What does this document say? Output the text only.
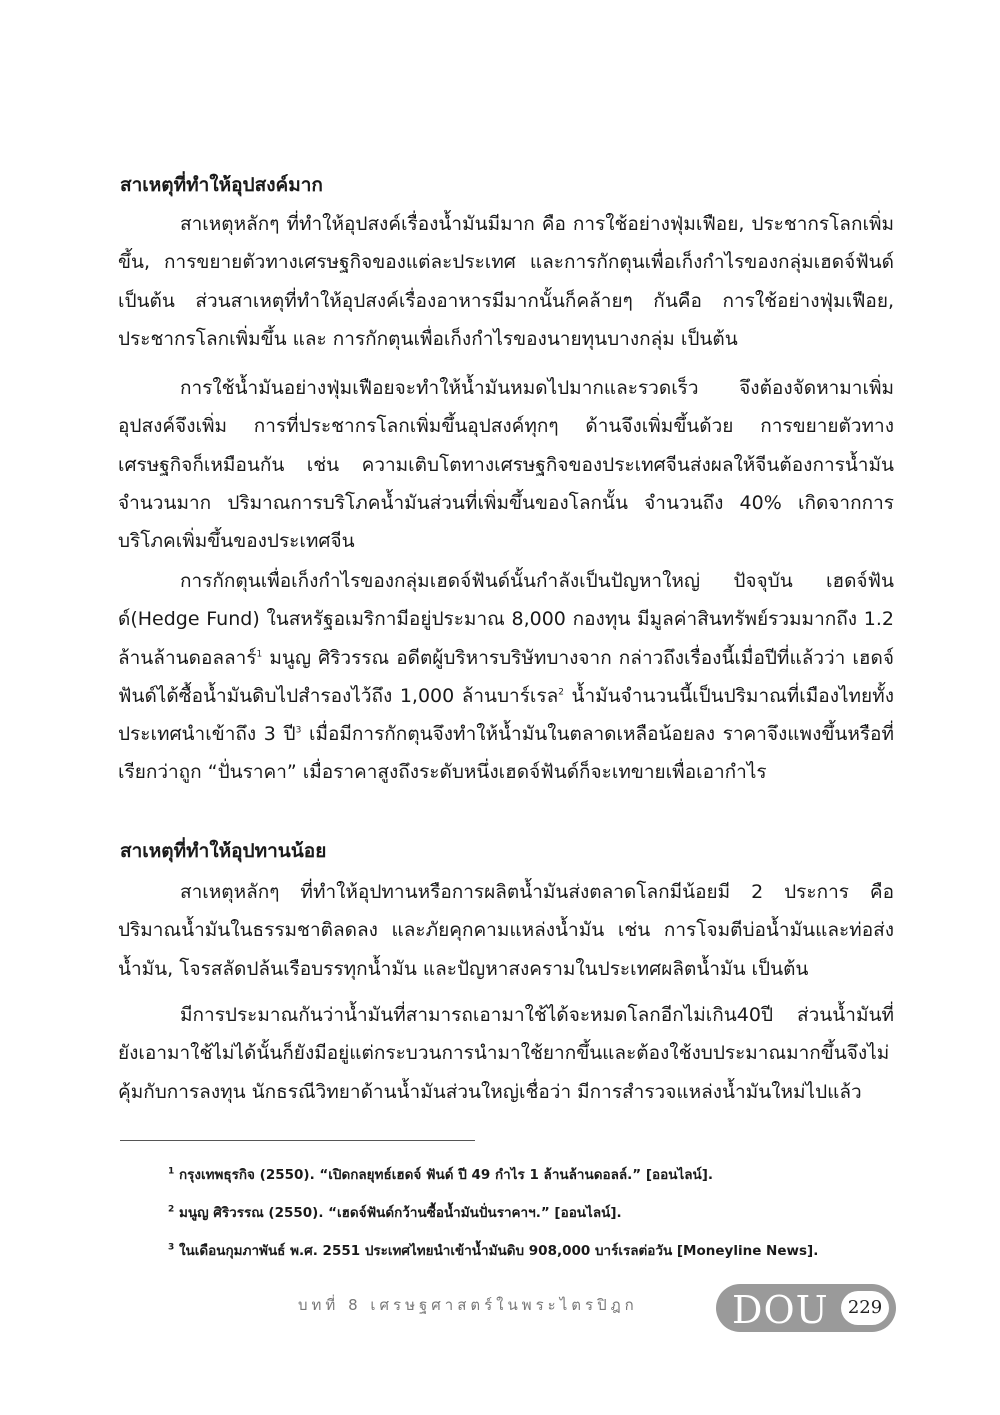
สาเหตุที่ทำให้อุปสงค์มาก

สาเหตุหลักๆ ที่ทำให้อุปสงค์เรื่องน้ำมันมีมาก คือ การใช้อย่างฟุ่มเฟือย, ประชากรโลกเพิ่มขึ้น, การขยายตัวทางเศรษฐกิจของแต่ละประเทศ และการกักตุนเพื่อเก็งกำไรของกลุ่มเฮดจ์ฟันด์ เป็นต้น ส่วนสาเหตุที่ทำให้อุปสงค์เรื่องอาหารมีมากนั้นก็คล้ายๆ กันคือ การใช้อย่างฟุ่มเฟือย, ประชากรโลกเพิ่มขึ้น และ การกักตุนเพื่อเก็งกำไรของนายทุนบางกลุ่ม เป็นต้น

การใช้น้ำมันอย่างฟุ่มเฟือยจะทำให้น้ำมันหมดไปมากและรวดเร็ว จึงต้องจัดหามาเพิ่ม อุปสงค์จึงเพิ่ม การที่ประชากรโลกเพิ่มขึ้นอุปสงค์ทุกๆ ด้านจึงเพิ่มขึ้นด้วย การขยายตัวทางเศรษฐกิจก็เหมือนกัน เช่น ความเติบโตทางเศรษฐกิจของประเทศจีนส่งผลให้จีนต้องการน้ำมันจำนวนมาก ปริมาณการบริโภคน้ำมันส่วนที่เพิ่มขึ้นของโลกนั้น จำนวนถึง 40% เกิดจากการบริโภคเพิ่มขึ้นของประเทศจีน

การกักตุนเพื่อเก็งกำไรของกลุ่มเฮดจ์ฟันด์นั้นกำลังเป็นปัญหาใหญ่ ปัจจุบัน เฮดจ์ฟันด์(Hedge Fund) ในสหรัฐอเมริกามีอยู่ประมาณ 8,000 กองทุน มีมูลค่าสินทรัพย์รวมมากถึง 1.2 ล้านล้านดอลลาร์$^1$ มนูญ ศิริวรรณ อดีตผู้บริหารบริษัทบางจาก กล่าวถึงเรื่องนี้เมื่อปีที่แล้วว่า เฮดจ์ฟันด์ได้ซื้อน้ำมันดิบไปสำรองไว้ถึง 1,000 ล้านบาร์เรล$^2$ น้ำมันจำนวนนี้เป็นปริมาณที่เมืองไทยทั้งประเทศนำเข้าถึง 3 ปี$^3$ เมื่อมีการกักตุนจึงทำให้น้ำมันในตลาดเหลือน้อยลง ราคาจึงแพงขึ้นหรือที่เรียกว่าถูก “ปั่นราคา” เมื่อราคาสูงถึงระดับหนึ่งเฮดจ์ฟันด์ก็จะเทขายเพื่อเอากำไร

สาเหตุที่ทำให้อุปทานน้อย

สาเหตุหลักๆ ที่ทำให้อุปทานหรือการผลิตน้ำมันส่งตลาดโลกมีน้อยมี 2 ประการ คือ ปริมาณน้ำมันในธรรมชาติลดลง และภัยคุกคามแหล่งน้ำมัน เช่น การโจมตีบ่อน้ำมันและท่อส่งน้ำมัน, โจรสลัดปล้นเรือบรรทุกน้ำมัน และปัญหาสงครามในประเทศผลิตน้ำมัน เป็นต้น

มีการประมาณกันว่าน้ำมันที่สามารถเอามาใช้ได้จะหมดโลกอีกไม่เกิน40ปี ส่วนน้ำมันที่ยังเอามาใช้ไม่ได้นั้นก็ยังมีอยู่แต่กระบวนการนำมาใช้ยากขึ้นและต้องใช้งบประมาณมากขึ้นจึงไม่คุ้มกับการลงทุน นักธรณีวิทยาด้านน้ำมันส่วนใหญ่เชื่อว่า มีการสำรวจแหล่งน้ำมันใหม่ไปแล้ว

$^1$ กรุงเทพธุรกิจ (2550). “เปิดกลยุทธ์เฮดจ์ ฟันด์ ปี 49 กำไร 1 ล้านล้านดอลล์.” [ออนไลน์].

$^2$ มนูญ ศิริวรรณ (2550). “เฮดจ์ฟันด์กว้านซื้อน้ำมันปั่นราคาฯ.” [ออนไลน์].

$^3$ ในเดือนกุมภาพันธ์ พ.ศ. 2551 ประเทศไทยนำเข้าน้ำมันดิบ 908,000 บาร์เรลต่อวัน [Moneyline News].

บทที่ 8 เศรษฐศาสตร์ในพระไตรปิฎก DOU	229
